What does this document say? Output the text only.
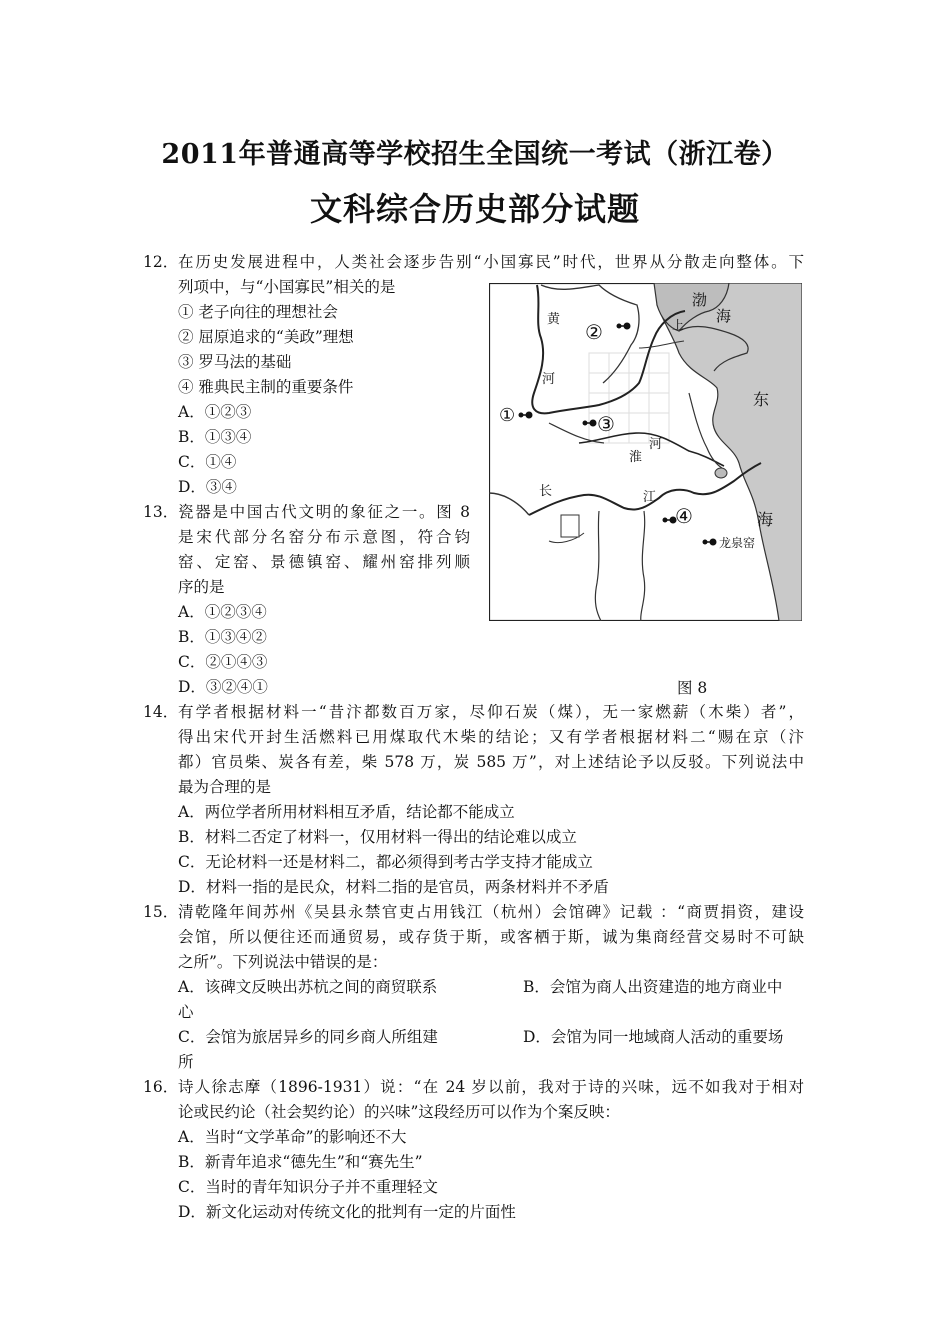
2011年普通高等学校招生全国统一考试（浙江卷）
文科综合历史部分试题
12． 在历史发展进程中，人类社会逐步告别“小国寡民”时代，世界从分散走向整体。下
列项中，与“小国寡民”相关的是
① 老子向往的理想社会
② 屈原追求的“美政”理想
③ 罗马法的基础
④ 雅典民主制的重要条件
A．①②③
B．①③④
C．①④
D．③④
13． 瓷器是中国古代文明的象征之一。图 8
是宋代部分名窑分布示意图，符合钧
窑、定窑、景德镇窑、耀州窑排列顺
序的是
A．①②③④
B．①③④②
C．②①④③
D．③②④①
渤
海
上
黄
河
河
淮
长	江
东
海
龙泉窑
②
①	③
④
图 8
14． 有学者根据材料一“昔汴都数百万家，尽仰石炭（煤），无一家燃薪（木柴）者”，
得出宋代开封生活燃料已用煤取代木柴的结论；又有学者根据材料二“赐在京（汴
都）官员柴、炭各有差，柴 578 万，炭 585 万”，对上述结论予以反驳。下列说法中
最为合理的是
A．两位学者所用材料相互矛盾，结论都不能成立
B．材料二否定了材料一，仅用材料一得出的结论难以成立
C．无论材料一还是材料二，都必须得到考古学支持才能成立
D．材料一指的是民众，材料二指的是官员，两条材料并不矛盾
15． 清乾隆年间苏州《吴县永禁官吏占用钱江（杭州）会馆碑》记载 ：“商贾捐资，建设
会馆，所以便往还而通贸易，或存货于斯，或客栖于斯，诚为集商经营交易时不可缺
之所”。下列说法中错误的是：
A．该碑文反映出苏杭之间的商贸联系	B．会馆为商人出资建造的地方商业中
心
C．会馆为旅居异乡的同乡商人所组建	D．会馆为同一地域商人活动的重要场
所
16． 诗人徐志摩（1896-1931）说：“在 24 岁以前，我对于诗的兴味，远不如我对于相对
论或民约论（社会契约论）的兴味”这段经历可以作为个案反映：
A．当时“文学革命”的影响还不大
B．新青年追求“德先生”和“赛先生”
C．当时的青年知识分子并不重理轻文
D．新文化运动对传统文化的批判有一定的片面性
